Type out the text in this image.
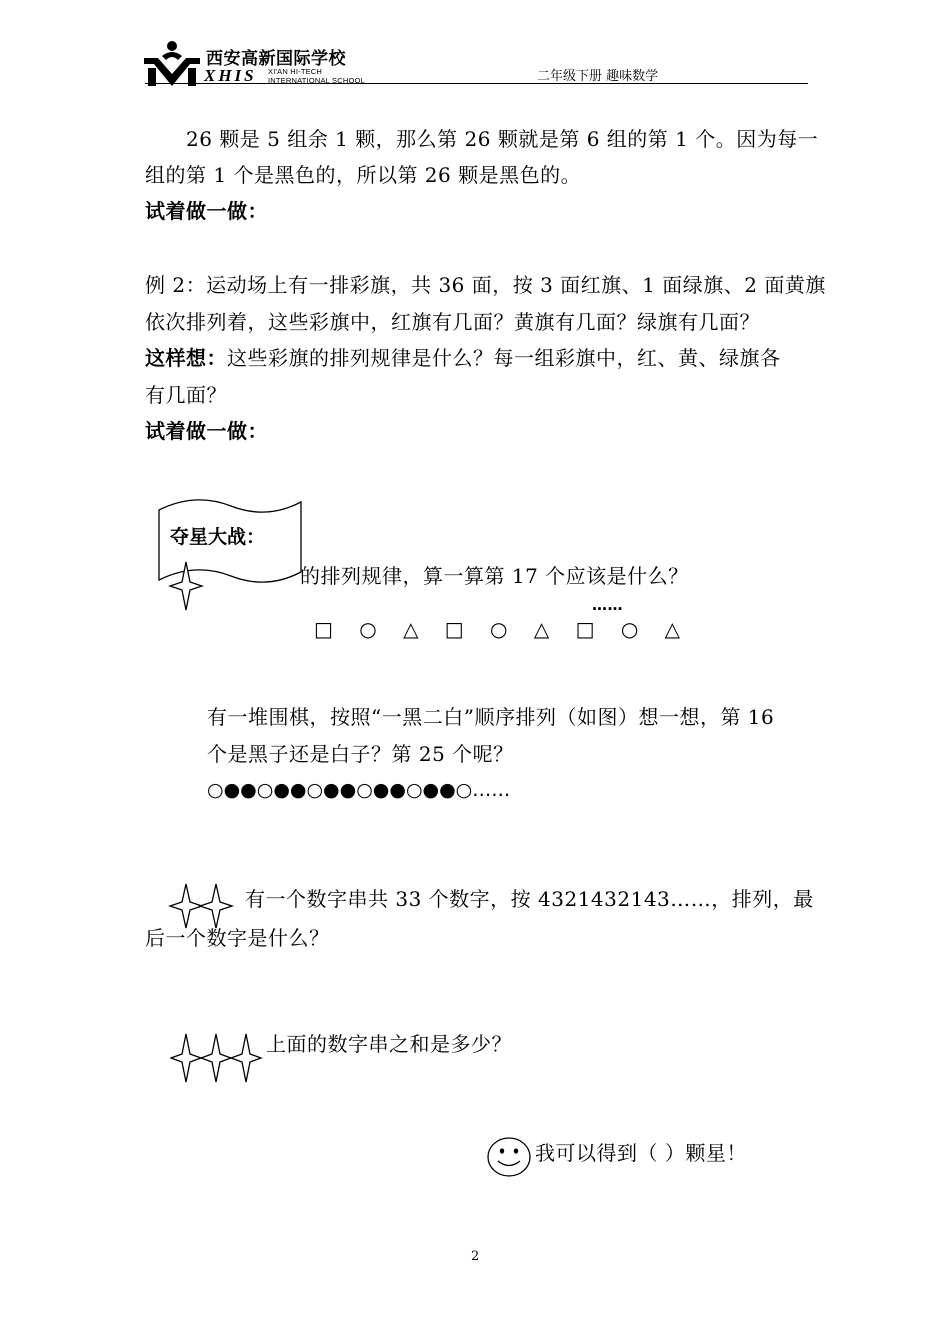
西安高新国际学校
XHIS XI'AN HI-TECH
INTERNATIONAL SCHOOL	二年级下册 趣味数学
26 颗是 5 组余 1 颗，那么第 26 颗就是第 6 组的第 1 个。因为每一
组的第 1 个是黑色的，所以第 26 颗是黑色的。
试着做一做：
例 2：运动场上有一排彩旗，共 36 面，按 3 面红旗、1 面绿旗、2 面黄旗
依次排列着，这些彩旗中，红旗有几面？黄旗有几面？绿旗有几面？
这样想：这些彩旗的排列规律是什么？每一组彩旗中，红、黄、绿旗各
有几面？
试着做一做：
夺星大战：
的排列规律，算一算第 17 个应该是什么？
……
□ ○ △ □ ○ △ □ ○ △
有一堆围棋，按照“一黑二白”顺序排列（如图）想一想，第 16
个是黑子还是白子？第 25 个呢？
○●●○●●○●●○●●○●●○……
有一个数字串共 33 个数字，按 4321432143……，排列，最
后一个数字是什么？
上面的数字串之和是多少？
我可以得到（ ）颗星！
2
